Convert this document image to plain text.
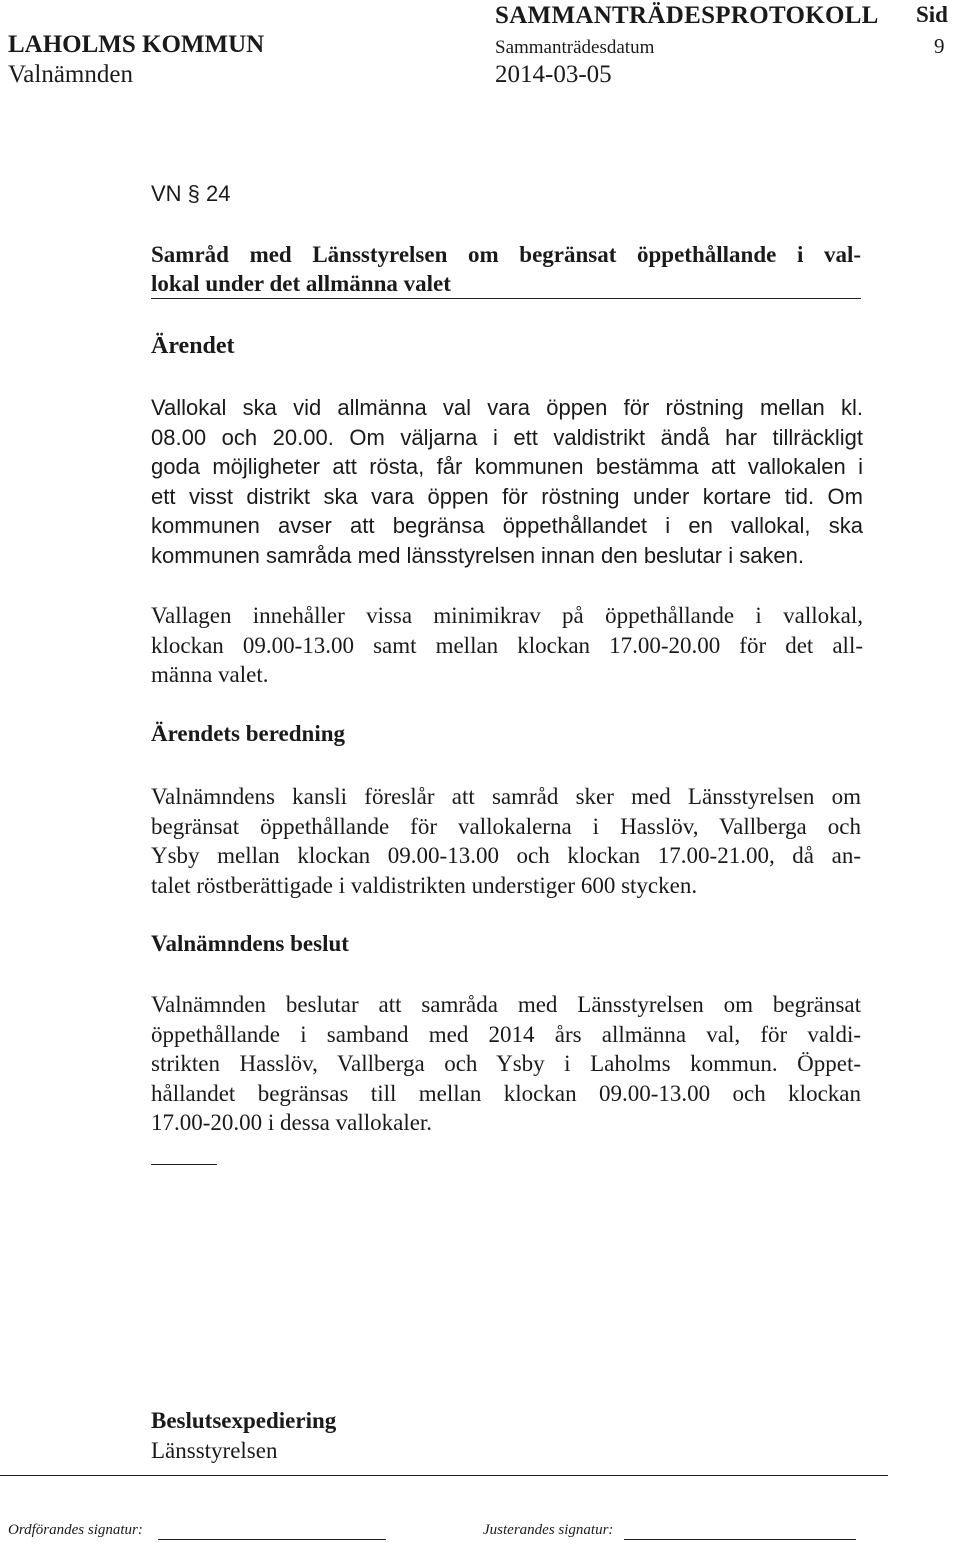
SAMMANTRÄDESPROTOKOLL Sid
LAHOLMS KOMMUN	Sammanträdesdatum	9
Valnämnden	2014-03-05
VN § 24
Samråd med Länsstyrelsen om begränsat öppethållande i val-
lokal under det allmänna valet
Ärendet
Vallokal ska vid allmänna val vara öppen för röstning mellan kl.
08.00 och 20.00. Om väljarna i ett valdistrikt ändå har tillräckligt
goda möjligheter att rösta, får kommunen bestämma att vallokalen i
ett visst distrikt ska vara öppen för röstning under kortare tid. Om
kommunen avser att begränsa öppethållandet i en vallokal, ska
kommunen samråda med länsstyrelsen innan den beslutar i saken.
Vallagen innehåller vissa minimikrav på öppethållande i vallokal,
klockan 09.00-13.00 samt mellan klockan 17.00-20.00 för det all-
männa valet.
Ärendets beredning
Valnämndens kansli föreslår att samråd sker med Länsstyrelsen om
begränsat öppethållande för vallokalerna i Hasslöv, Vallberga och
Ysby mellan klockan 09.00-13.00 och klockan 17.00-21.00, då an-
talet röstberättigade i valdistrikten understiger 600 stycken.
Valnämndens beslut
Valnämnden beslutar att samråda med Länsstyrelsen om begränsat
öppethållande i samband med 2014 års allmänna val, för valdi-
strikten Hasslöv, Vallberga och Ysby i Laholms kommun. Öppet-
hållandet begränsas till mellan klockan 09.00-13.00 och klockan
17.00-20.00 i dessa vallokaler.
Beslutsexpediering
Länsstyrelsen
Ordförandes signatur:	Justerandes signatur:
